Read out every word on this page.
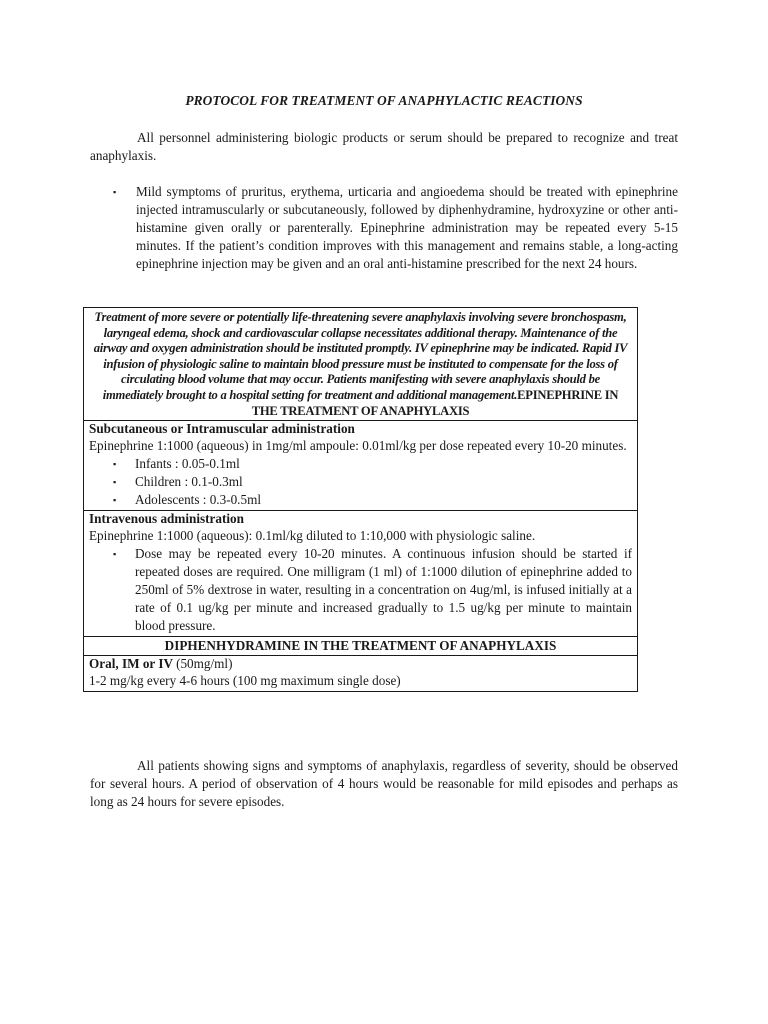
PROTOCOL FOR TREATMENT OF ANAPHYLACTIC REACTIONS

All personnel administering biologic products or serum should be prepared to recognize and treat anaphylaxis.

▪ Mild symptoms of pruritus, erythema, urticaria and angioedema should be treated with epinephrine injected intramuscularly or subcutaneously, followed by diphenhydramine, hydroxyzine or other anti-histamine given orally or parenterally. Epinephrine administration may be repeated every 5-15 minutes. If the patient’s condition improves with this management and remains stable, a long-acting epinephrine injection may be given and an oral anti-histamine prescribed for the next 24 hours.
Treatment of more severe or potentially life-threatening severe anaphylaxis involving severe bronchospasm, laryngeal edema, shock and cardiovascular collapse necessitates additional therapy. Maintenance of the airway and oxygen administration should be instituted promptly. IV epinephrine may be indicated. Rapid IV infusion of physiologic saline to maintain blood pressure must be instituted to compensate for the loss of circulating blood volume that may occur. Patients manifesting with severe anaphylaxis should be immediately brought to a hospital setting for treatment and additional management.EPINEPHRINE IN THE TREATMENT OF ANAPHYLAXIS

Subcutaneous or Intramuscular administration
Epinephrine 1:1000 (aqueous) in 1mg/ml ampoule: 0.01ml/kg per dose repeated every 10-20 minutes.
▪ Infants : 0.05-0.1ml
▪ Children : 0.1-0.3ml
▪ Adolescents : 0.3-0.5ml

Intravenous administration
Epinephrine 1:1000 (aqueous): 0.1ml/kg diluted to 1:10,000 with physiologic saline.
▪ Dose may be repeated every 10-20 minutes. A continuous infusion should be started if repeated doses are required. One milligram (1 ml) of 1:1000 dilution of epinephrine added to 250ml of 5% dextrose in water, resulting in a concentration on 4ug/ml, is infused initially at a rate of 0.1 ug/kg per minute and increased gradually to 1.5 ug/kg per minute to maintain blood pressure.

DIPHENHYDRAMINE IN THE TREATMENT OF ANAPHYLAXIS

Oral, IM or IV (50mg/ml)
1-2 mg/kg every 4-6 hours (100 mg maximum single dose)

All patients showing signs and symptoms of anaphylaxis, regardless of severity, should be observed for several hours. A period of observation of 4 hours would be reasonable for mild episodes and perhaps as long as 24 hours for severe episodes.
